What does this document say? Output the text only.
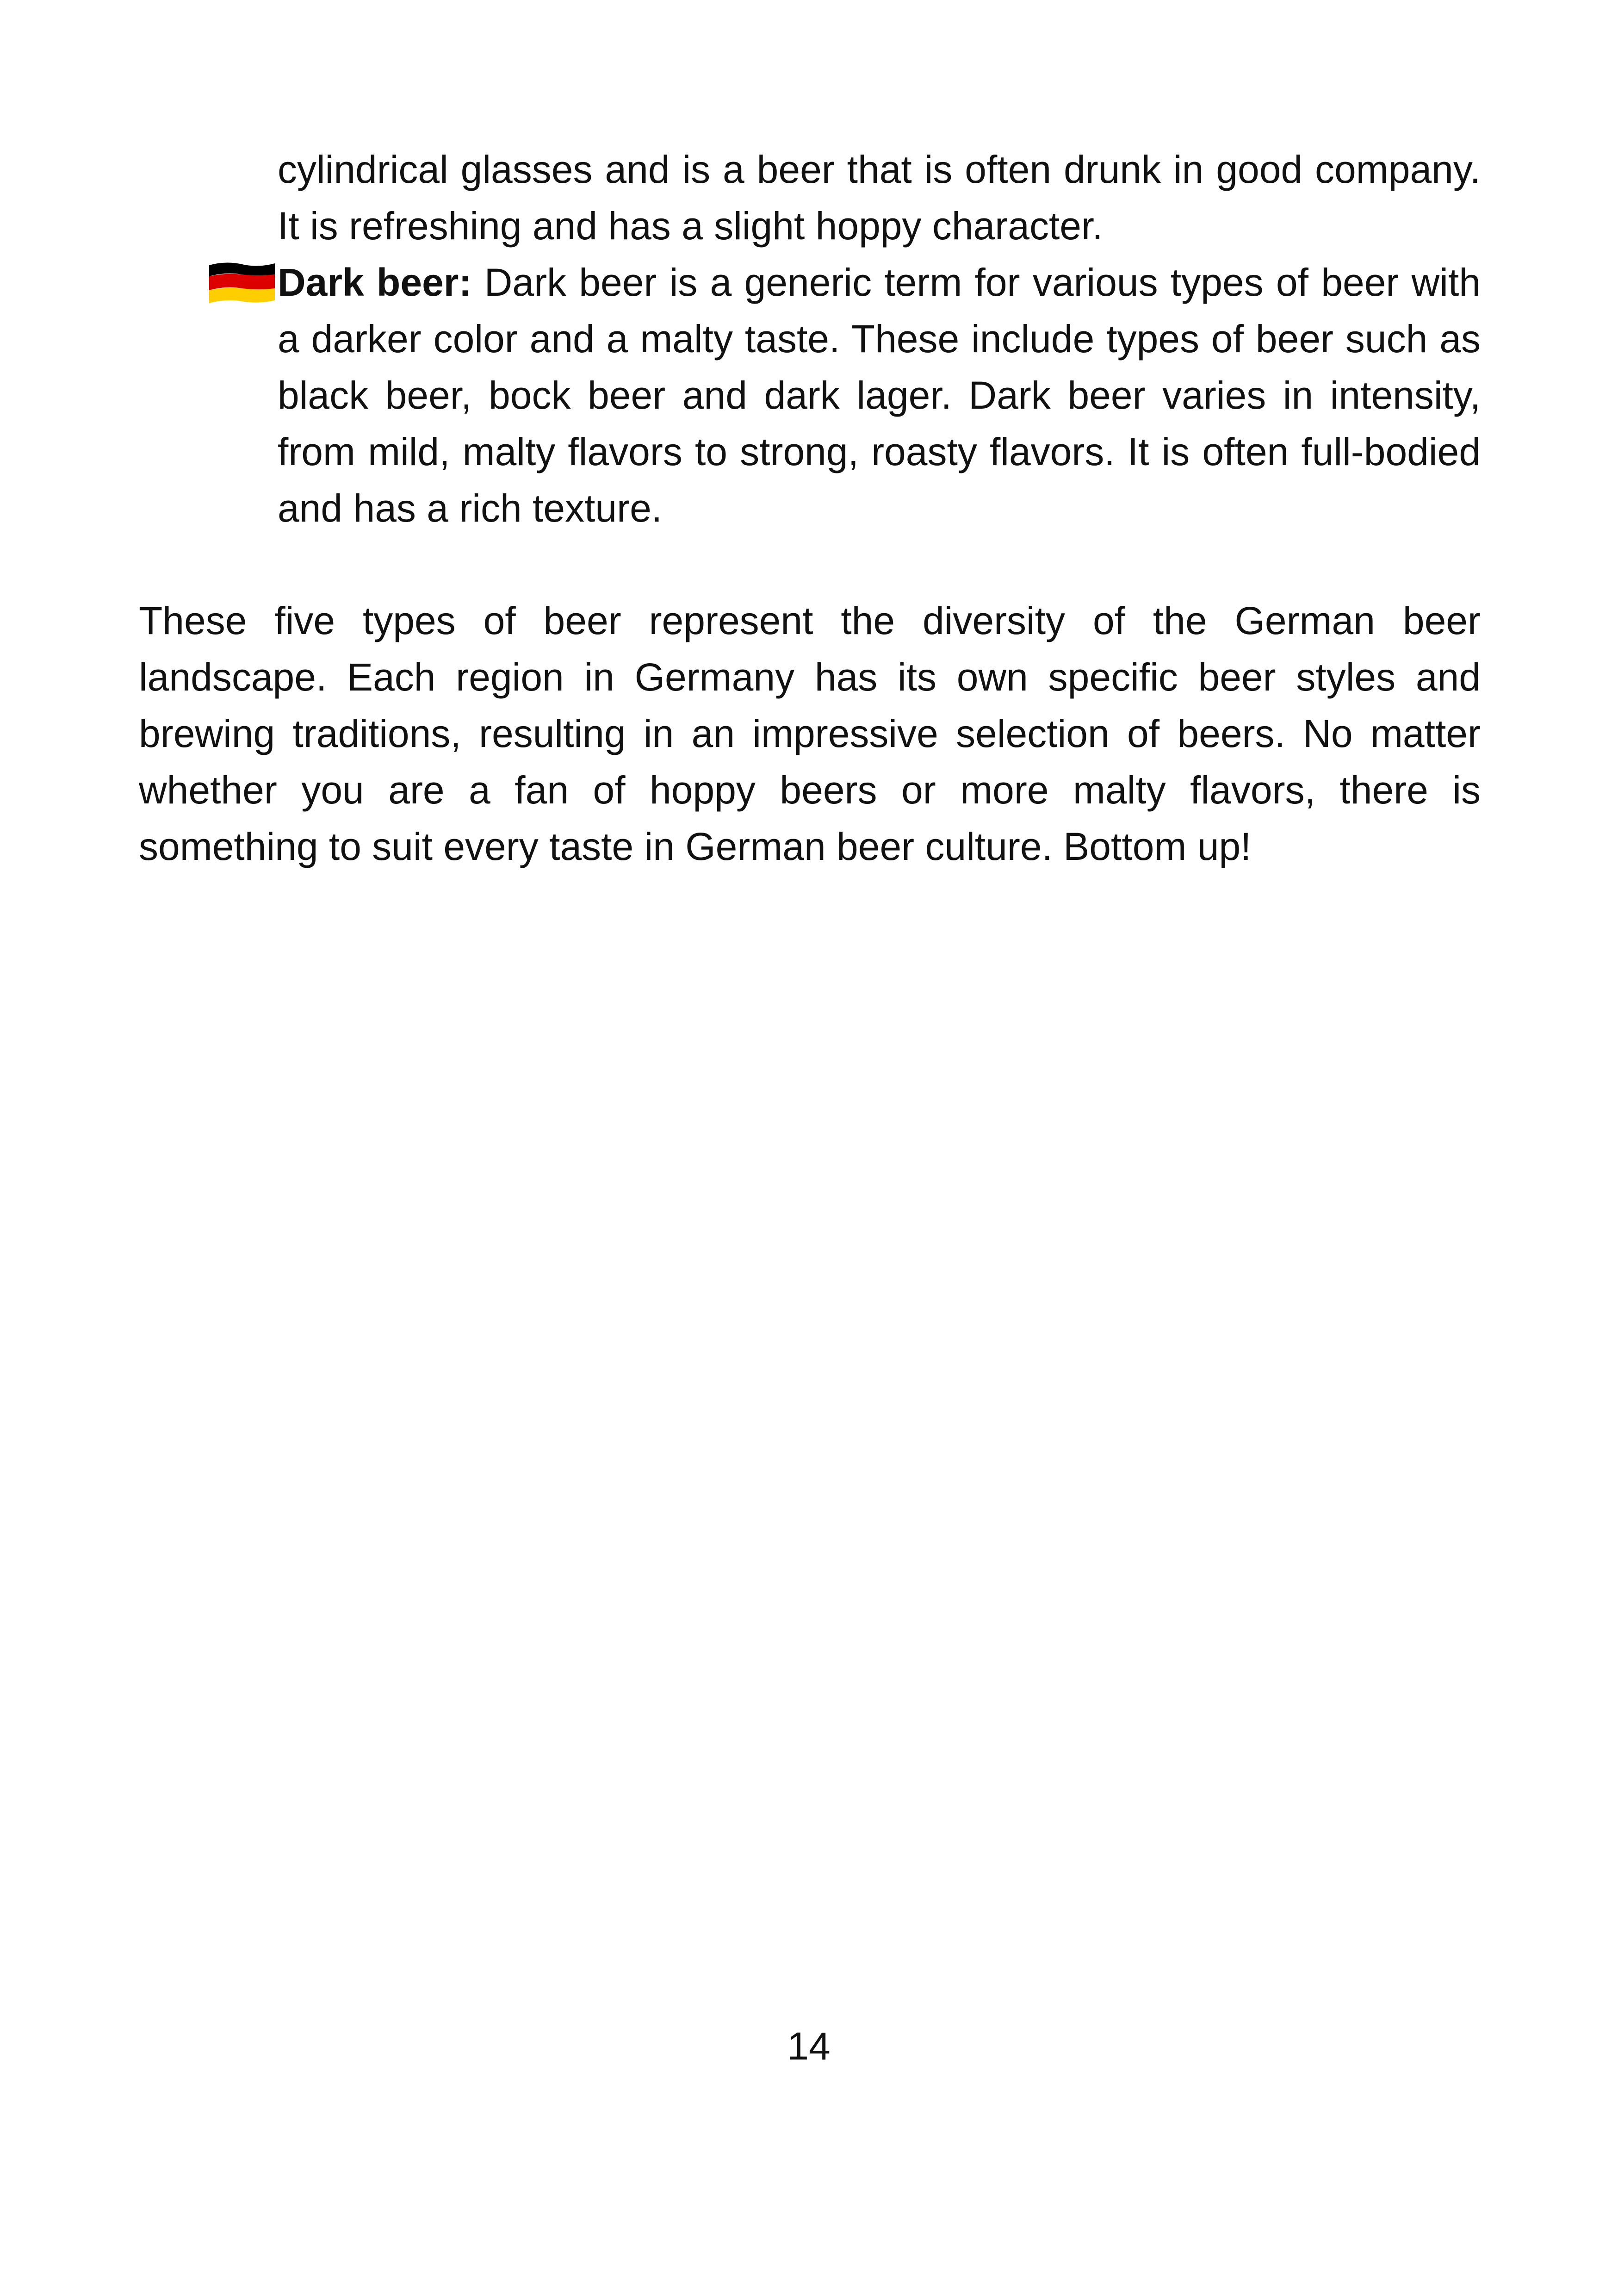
cylindrical glasses and is a beer that is often drunk in good company. It is refreshing and has a slight hoppy character.

Dark beer: Dark beer is a generic term for various types of beer with a darker color and a malty taste. These include types of beer such as black beer, bock beer and dark lager. Dark beer varies in intensity, from mild, malty flavors to strong, roasty flavors. It is often full-bodied and has a rich texture.

These five types of beer represent the diversity of the German beer landscape. Each region in Germany has its own specific beer styles and brewing traditions, resulting in an impressive selection of beers. No matter whether you are a fan of hoppy beers or more malty flavors, there is something to suit every taste in German beer culture. Bottom up!

14
